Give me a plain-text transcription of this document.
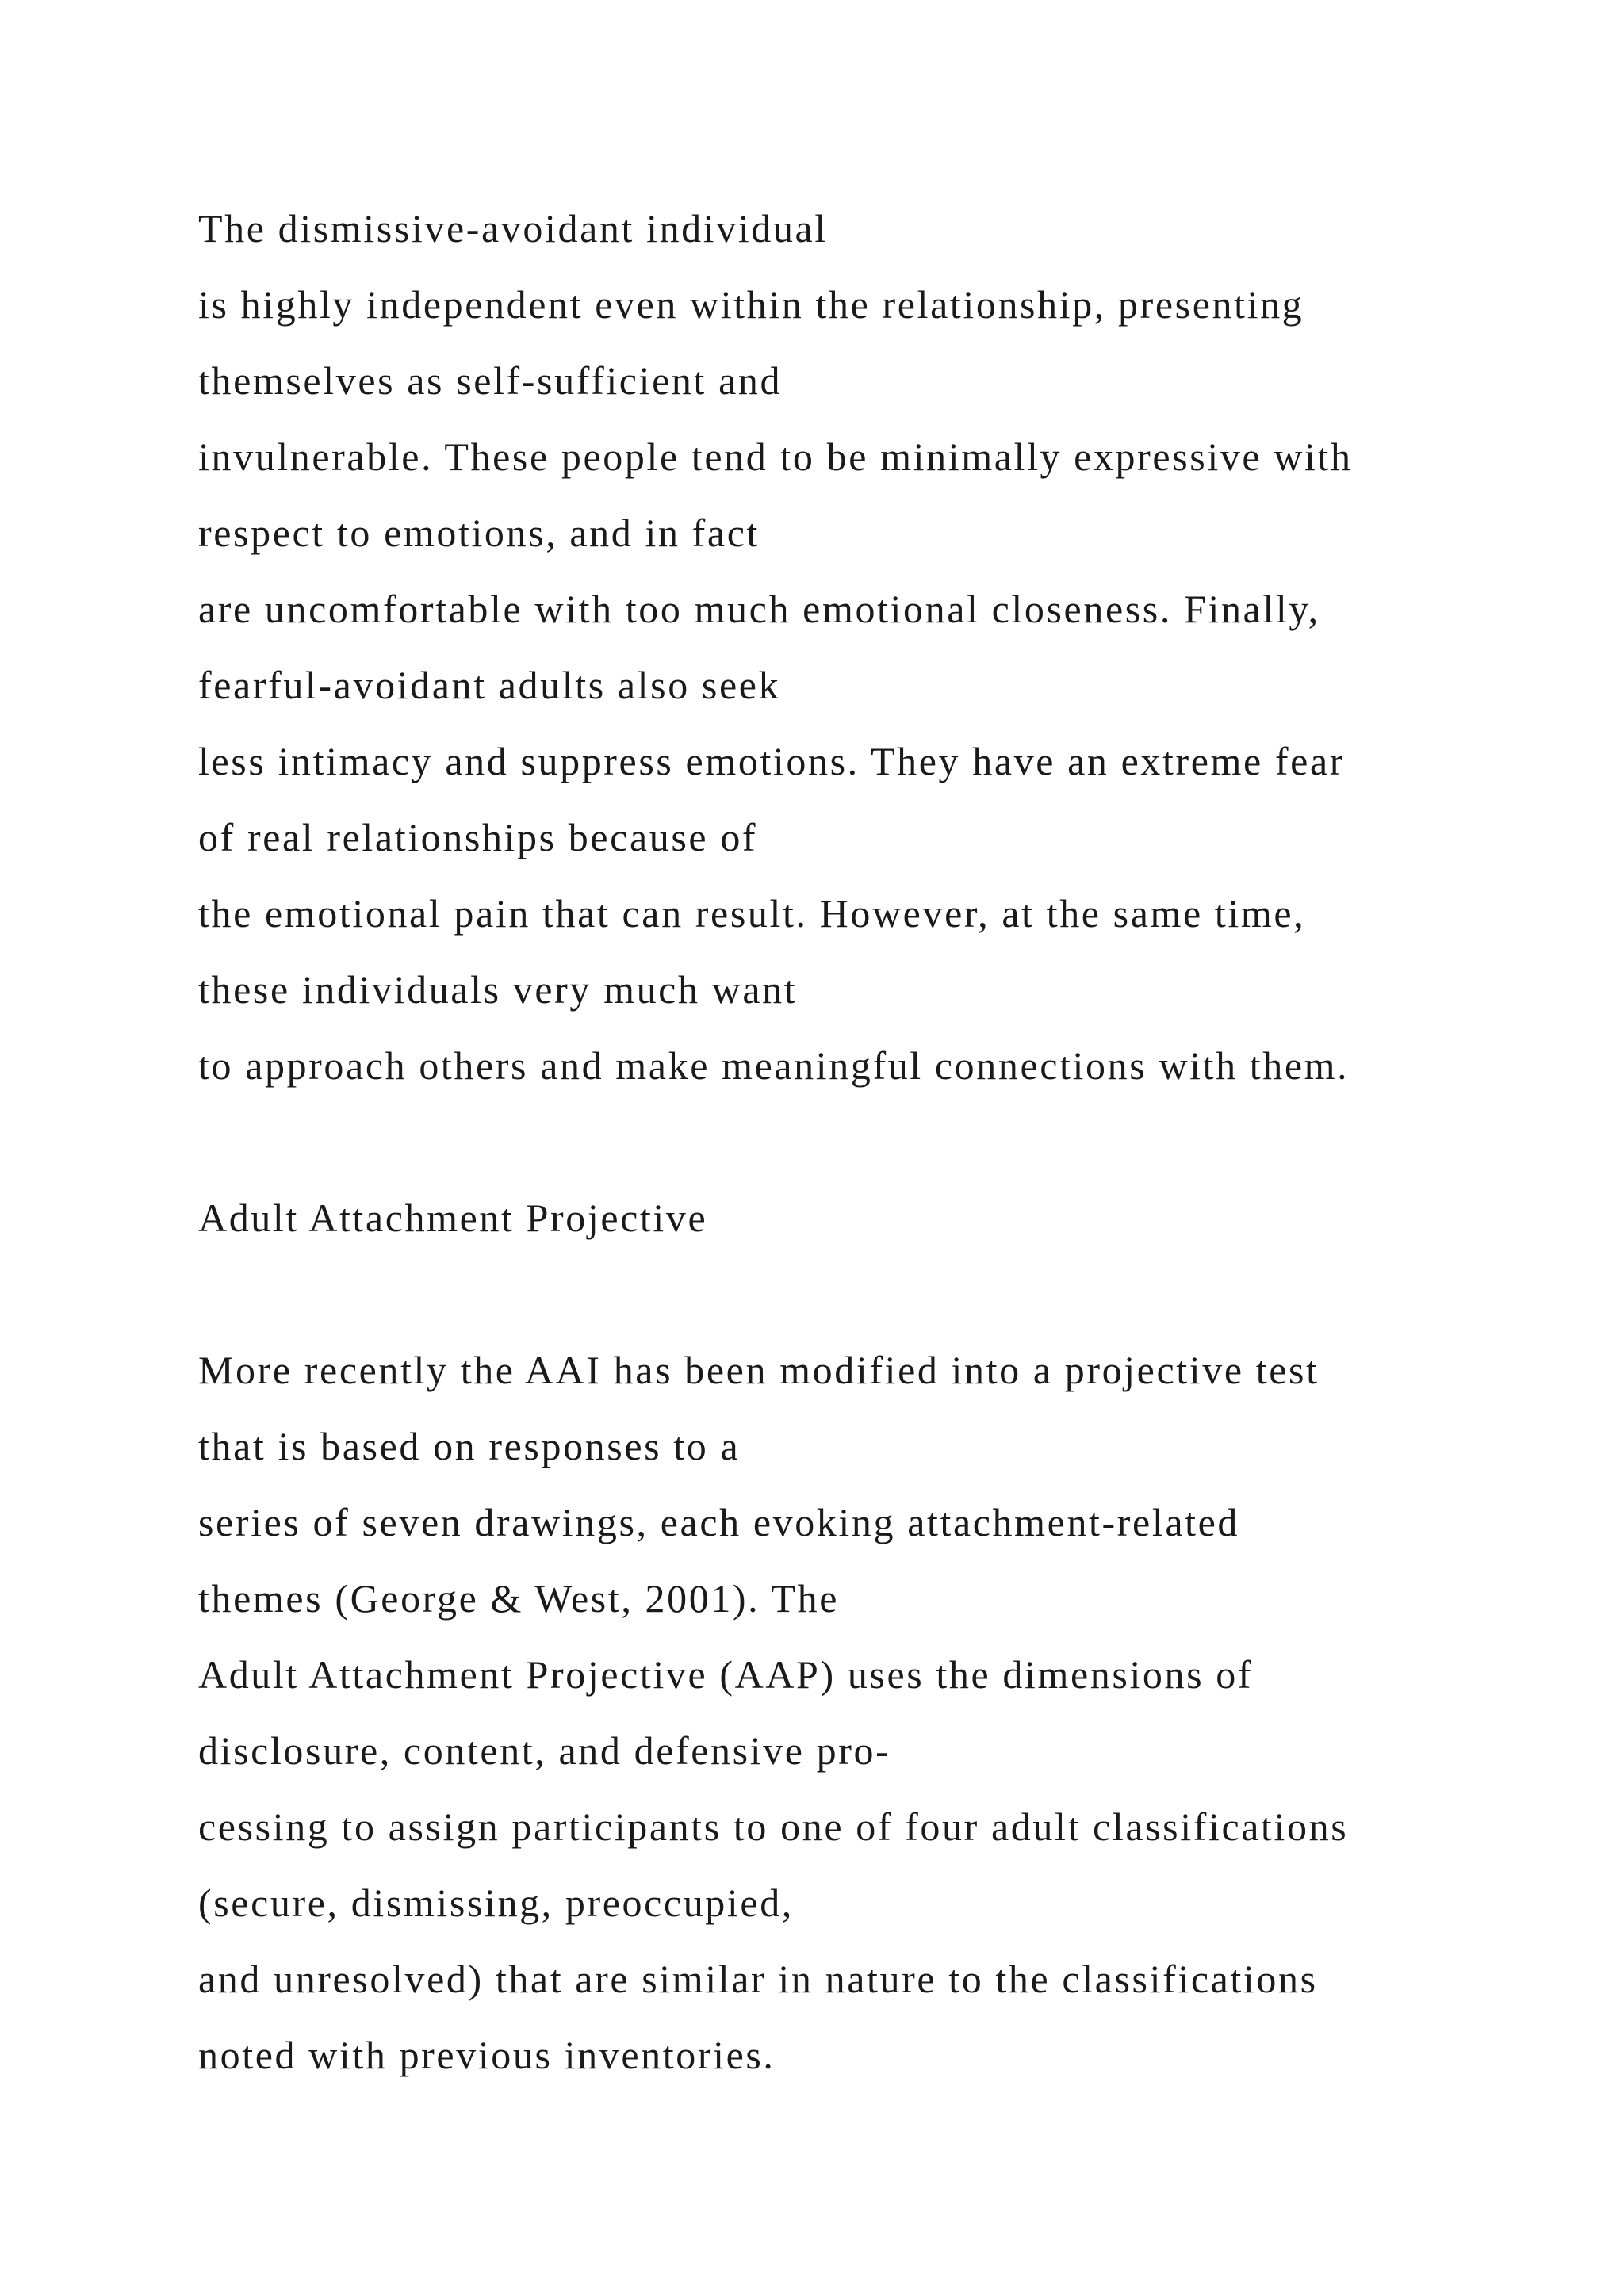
The dismissive-avoidant individual
is highly independent even within the relationship, presenting
themselves as self-sufficient and
invulnerable. These people tend to be minimally expressive with
respect to emotions, and in fact
are uncomfortable with too much emotional closeness. Finally,
fearful-avoidant adults also seek
less intimacy and suppress emotions. They have an extreme fear
of real relationships because of
the emotional pain that can result. However, at the same time,
these individuals very much want
to approach others and make meaningful connections with them.
Adult Attachment Projective
More recently the AAI has been modified into a projective test
that is based on responses to a
series of seven drawings, each evoking attachment-related
themes (George & West, 2001). The
Adult Attachment Projective (AAP) uses the dimensions of
disclosure, content, and defensive pro-
cessing to assign participants to one of four adult classifications
(secure, dismissing, preoccupied,
and unresolved) that are similar in nature to the classifications
noted with previous inventories.
